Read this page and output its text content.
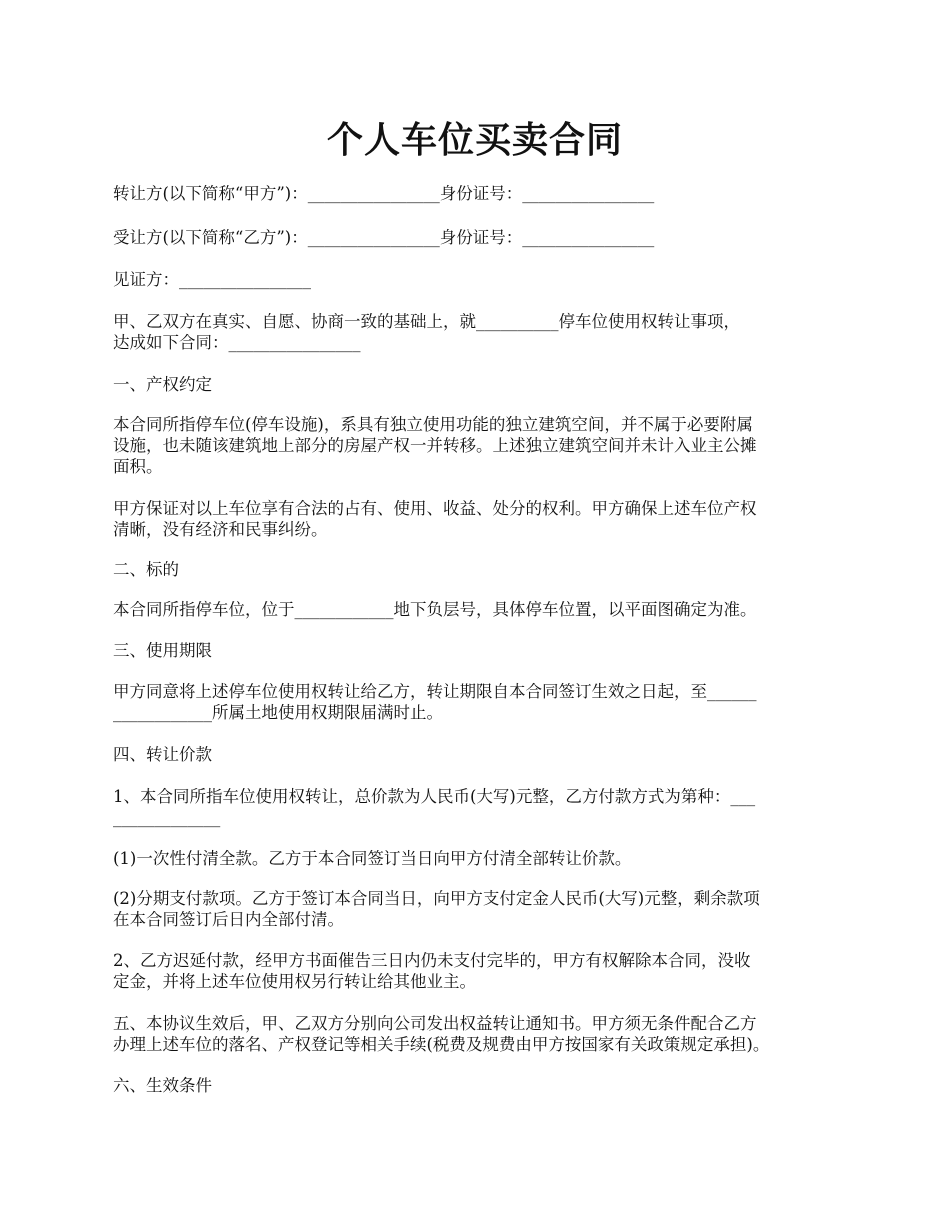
个人车位买卖合同

转让方(以下简称“甲方”)：________________身份证号：________________

受让方(以下简称“乙方”)：________________身份证号：________________

见证方：________________

甲、乙双方在真实、自愿、协商一致的基础上，就__________停车位使用权转让事项，
达成如下合同：________________

一、产权约定

本合同所指停车位(停车设施)，系具有独立使用功能的独立建筑空间，并不属于必要附属
设施，也未随该建筑地上部分的房屋产权一并转移。上述独立建筑空间并未计入业主公摊
面积。

甲方保证对以上车位享有合法的占有、使用、收益、处分的权利。甲方确保上述车位产权
清晰，没有经济和民事纠纷。

二、标的

本合同所指停车位，位于____________地下负层号，具体停车位置，以平面图确定为准。

三、使用期限

甲方同意将上述停车位使用权转让给乙方，转让期限自本合同签订生效之日起，至______
____________所属土地使用权期限届满时止。

四、转让价款

1、本合同所指车位使用权转让，总价款为人民币(大写)元整，乙方付款方式为第种：___
_____________

(1)一次性付清全款。乙方于本合同签订当日向甲方付清全部转让价款。

(2)分期支付款项。乙方于签订本合同当日，向甲方支付定金人民币(大写)元整，剩余款项
在本合同签订后日内全部付清。

2、乙方迟延付款，经甲方书面催告三日内仍未支付完毕的，甲方有权解除本合同，没收
定金，并将上述车位使用权另行转让给其他业主。

五、本协议生效后，甲、乙双方分别向公司发出权益转让通知书。甲方须无条件配合乙方
办理上述车位的落名、产权登记等相关手续(税费及规费由甲方按国家有关政策规定承担)。

六、生效条件
